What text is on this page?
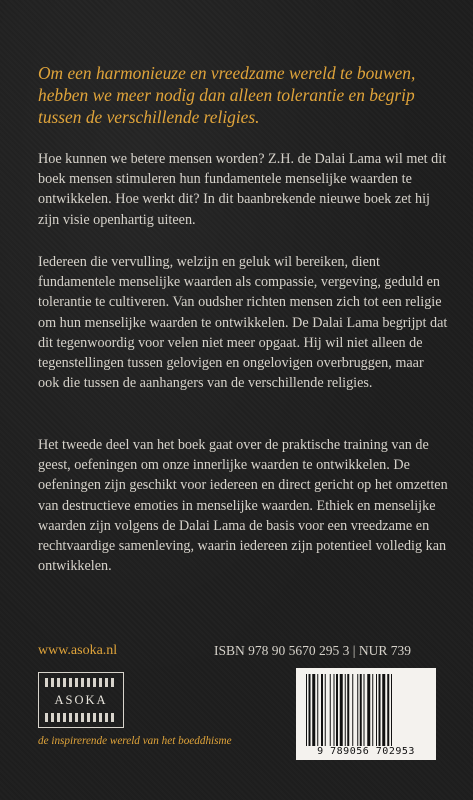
Om een harmonieuze en vreedzame wereld te bouwen, hebben we meer nodig dan alleen tolerantie en begrip tussen de verschillende religies.

Hoe kunnen we betere mensen worden? Z.H. de Dalai Lama wil met dit boek mensen stimuleren hun fundamentele menselijke waarden te ontwikkelen. Hoe werkt dit? In dit baanbrekende nieuwe boek zet hij zijn visie openhartig uiteen.

Iedereen die vervulling, welzijn en geluk wil bereiken, dient fundamentele menselijke waarden als compassie, vergeving, geduld en tolerantie te cultiveren. Van oudsher richten mensen zich tot een religie om hun menselijke waarden te ontwikkelen. De Dalai Lama begrijpt dat dit tegenwoordig voor velen niet meer opgaat. Hij wil niet alleen de tegenstellingen tussen gelovigen en ongelovigen overbruggen, maar ook die tussen de aanhangers van de verschillende religies.

Het tweede deel van het boek gaat over de praktische training van de geest, oefeningen om onze innerlijke waarden te ontwikkelen. De oefeningen zijn geschikt voor iedereen en direct gericht op het omzetten van destructieve emoties in menselijke waarden. Ethiek en menselijke waarden zijn volgens de Dalai Lama de basis voor een vreedzame en rechtvaardige samenleving, waarin iedereen zijn potentieel volledig kan ontwikkelen.

www.asoka.nl	ISBN 978 90 5670 295 3 | NUR 739
ASOKA
de inspirerende wereld van het boeddhisme
9 789056 702953
